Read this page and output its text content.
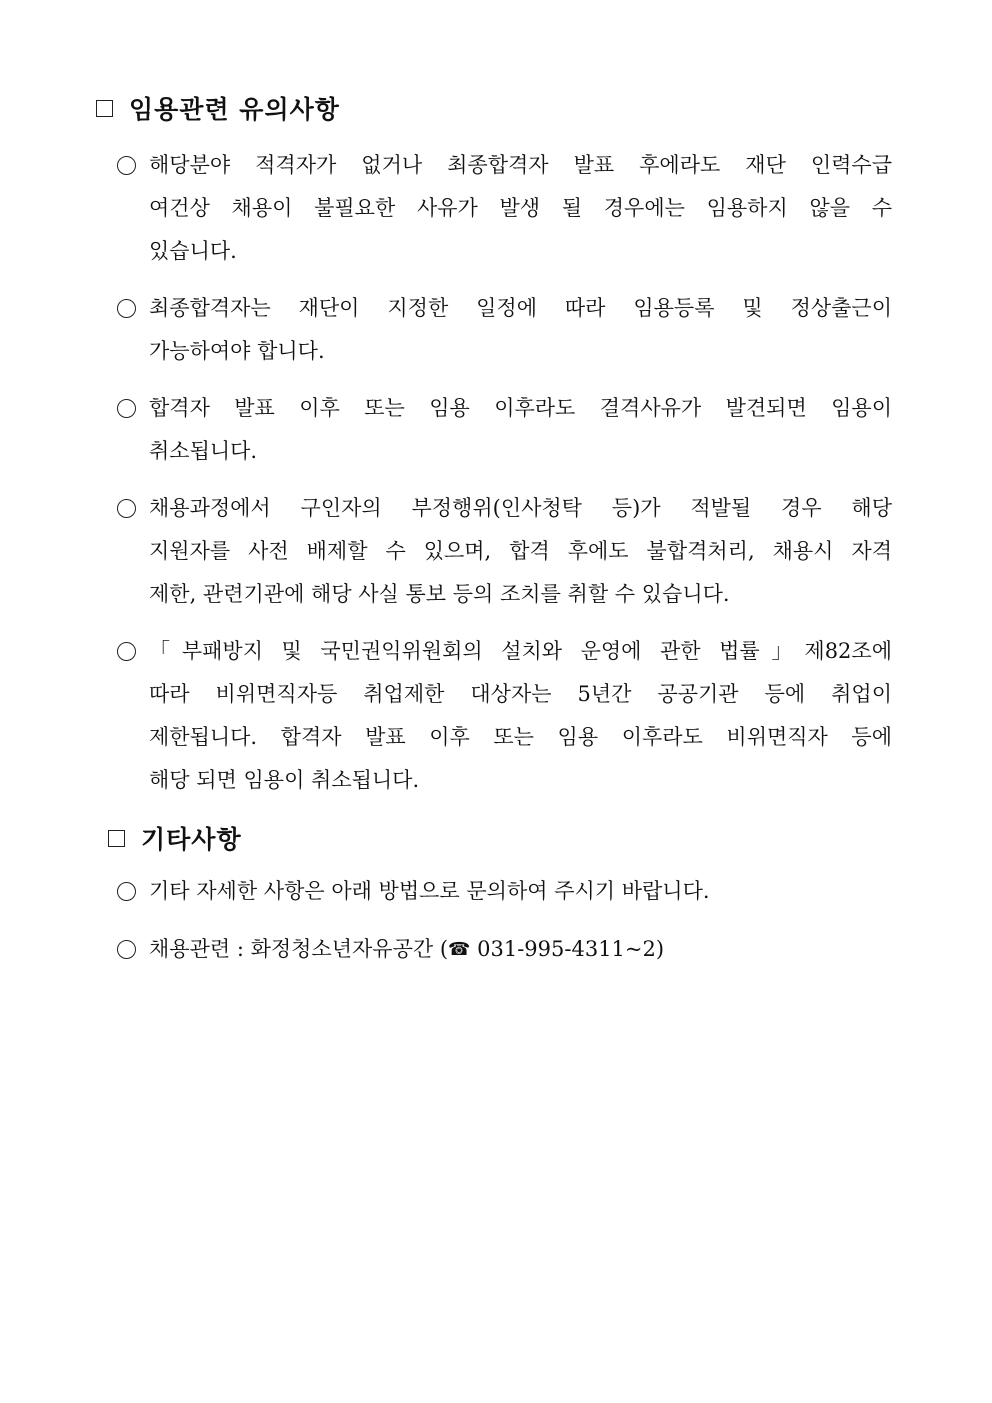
임용관련 유의사항
해당분야 적격자가 없거나 최종합격자 발표 후에라도 재단 인력수급
여건상 채용이 불필요한 사유가 발생 될 경우에는 임용하지 않을 수
있습니다.
최종합격자는 재단이 지정한 일정에 따라 임용등록 및 정상출근이
가능하여야 합니다.
합격자 발표 이후 또는 임용 이후라도 결격사유가 발견되면 임용이
취소됩니다.
채용과정에서 구인자의 부정행위(인사청탁 등)가 적발될 경우 해당
지원자를 사전 배제할 수 있으며, 합격 후에도 불합격처리, 채용시 자격
제한, 관련기관에 해당 사실 통보 등의 조치를 취할 수 있습니다.
「부패방지 및 국민권익위원회의 설치와 운영에 관한 법률」제82조에
따라 비위면직자등 취업제한 대상자는 5년간 공공기관 등에 취업이
제한됩니다. 합격자 발표 이후 또는 임용 이후라도 비위면직자 등에
해당 되면 임용이 취소됩니다.
기타사항
기타 자세한 사항은 아래 방법으로 문의하여 주시기 바랍니다.
채용관련 : 화정청소년자유공간 (☎ 031-995-4311~2)
